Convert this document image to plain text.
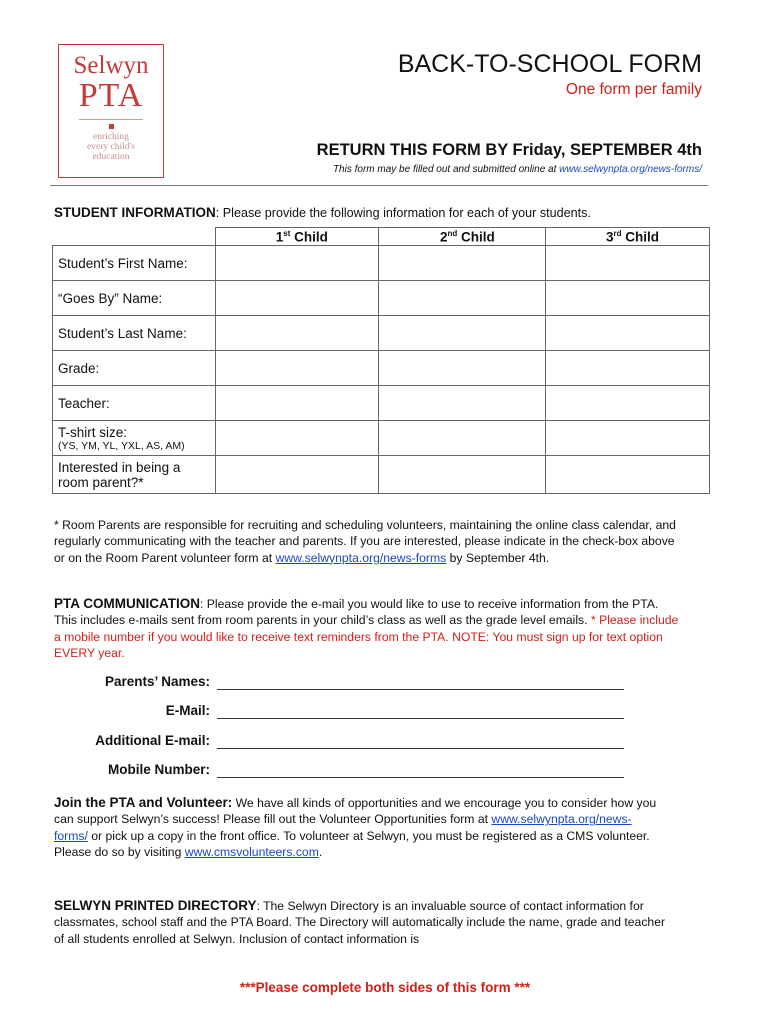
Selwyn
PTA
enriching
every child's
education
BACK-TO-SCHOOL FORM
One form per family
RETURN THIS FORM BY Friday, SEPTEMBER 4th
This form may be filled out and submitted online at www.selwynpta.org/news-forms/
STUDENT INFORMATION: Please provide the following information for each of your students.
	1st Child	2nd Child	3rd Child
Student’s First Name:			
“Goes By” Name:			
Student’s Last Name:			
Grade:			
Teacher:			

T-shirt size:
(YS, YM, YL, YXL, AS, AM)			

Interested in being a
room parent?*			

* Room Parents are responsible for recruiting and scheduling volunteers, maintaining the online class calendar, and regularly communicating with the teacher and parents. If you are interested, please indicate in the check-box above or on the Room Parent volunteer form at www.selwynpta.org/news-forms by September 4th.
PTA COMMUNICATION: Please provide the e-mail you would like to use to receive information from the PTA. This includes e-mails sent from room parents in your child’s class as well as the grade level emails. * Please include a mobile number if you would like to receive text reminders from the PTA. NOTE: You must sign up for text option EVERY year.
Parents’ Names:
E-Mail:
Additional E-mail:
Mobile Number:
Join the PTA and Volunteer: We have all kinds of opportunities and we encourage you to consider how you can support Selwyn’s success! Please fill out the Volunteer Opportunities form at www.selwynpta.org/news-forms/ or pick up a copy in the front office. To volunteer at Selwyn, you must be registered as a CMS volunteer. Please do so by visiting www.cmsvolunteers.com.
SELWYN PRINTED DIRECTORY: The Selwyn Directory is an invaluable source of contact information for classmates, school staff and the PTA Board. The Directory will automatically include the name, grade and teacher of all students enrolled at Selwyn. Inclusion of contact information is
***Please complete both sides of this form ***
